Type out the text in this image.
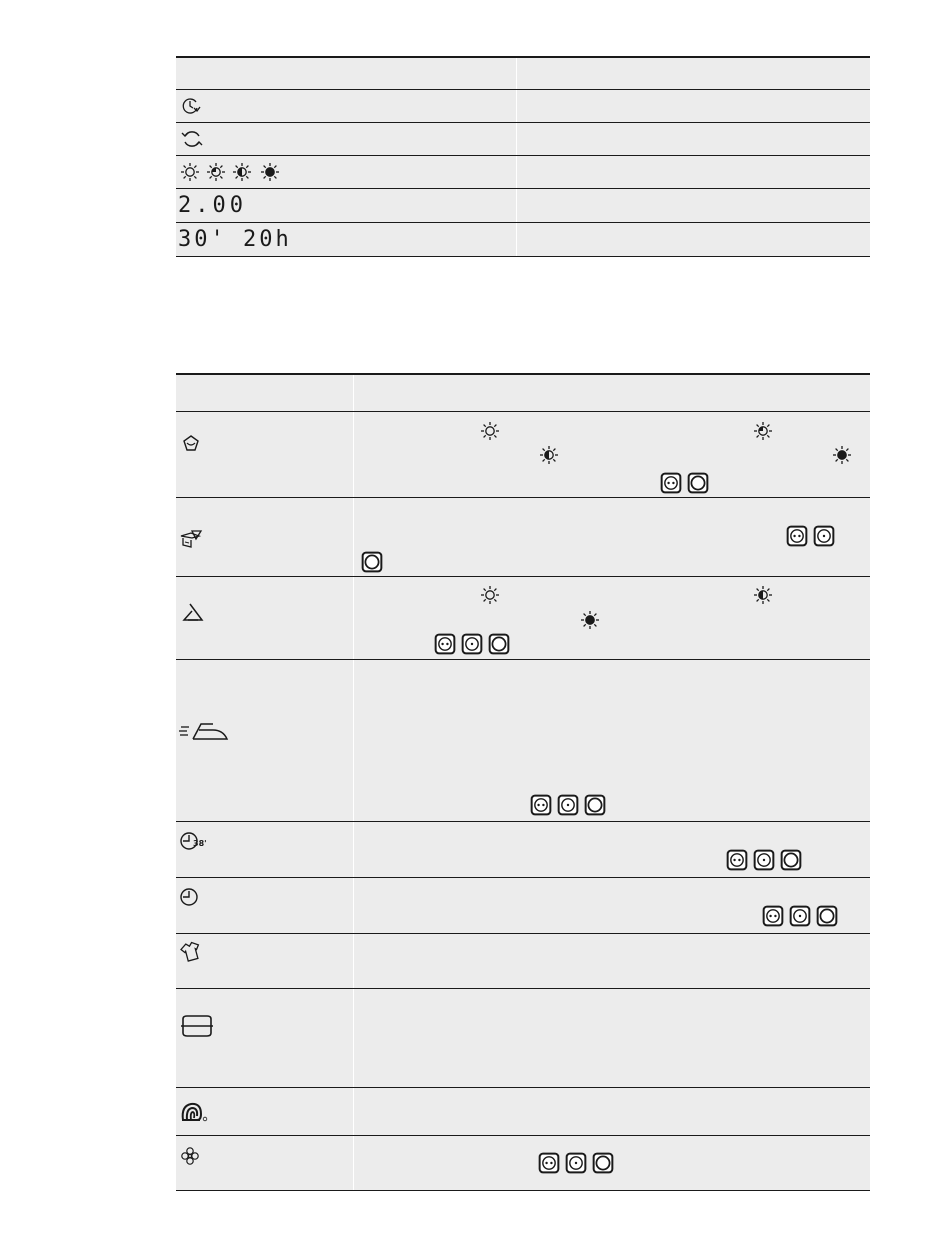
2.00
30' 20h
38'
